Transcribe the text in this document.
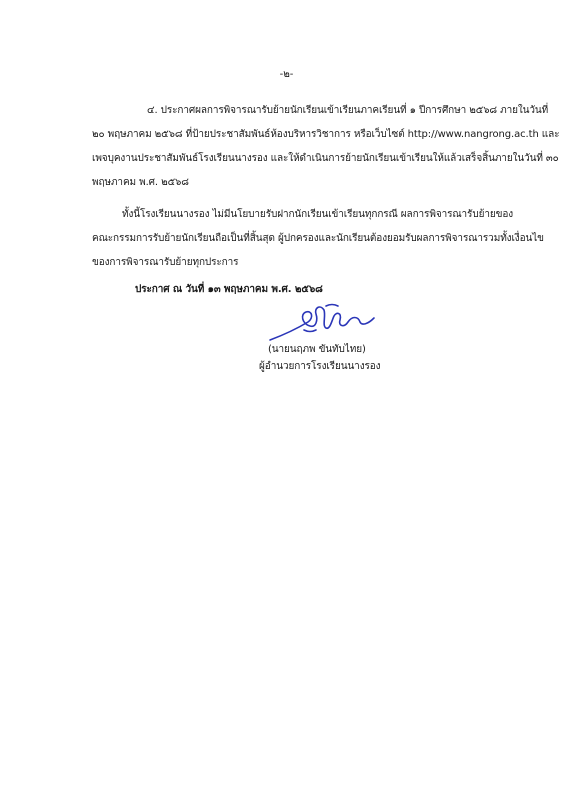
-๒-
๔. ประกาศผลการพิจารณารับย้ายนักเรียนเข้าเรียนภาคเรียนที่ ๑ ปีการศึกษา ๒๕๖๘ ภายในวันที่
๒๐ พฤษภาคม ๒๕๖๘ ที่ป้ายประชาสัมพันธ์ห้องบริหารวิชาการ หรือเว็บไซต์ http://www.nangrong.ac.th และ
เพจบุคงานประชาสัมพันธ์โรงเรียนนางรอง และให้ดำเนินการย้ายนักเรียนเข้าเรียนให้แล้วเสร็จสิ้นภายในวันที่ ๓๐
พฤษภาคม พ.ศ. ๒๕๖๘
ทั้งนี้โรงเรียนนางรอง ไม่มีนโยบายรับฝากนักเรียนเข้าเรียนทุกกรณี ผลการพิจารณารับย้ายของ
คณะกรรมการรับย้ายนักเรียนถือเป็นที่สิ้นสุด ผู้ปกครองและนักเรียนต้องยอมรับผลการพิจารณารวมทั้งเงื่อนไข
ของการพิจารณารับย้ายทุกประการ
ประกาศ ณ วันที่ ๑๓ พฤษภาคม พ.ศ. ๒๕๖๘
(นายนฤภพ ขันทับไทย)
ผู้อำนวยการโรงเรียนนางรอง
